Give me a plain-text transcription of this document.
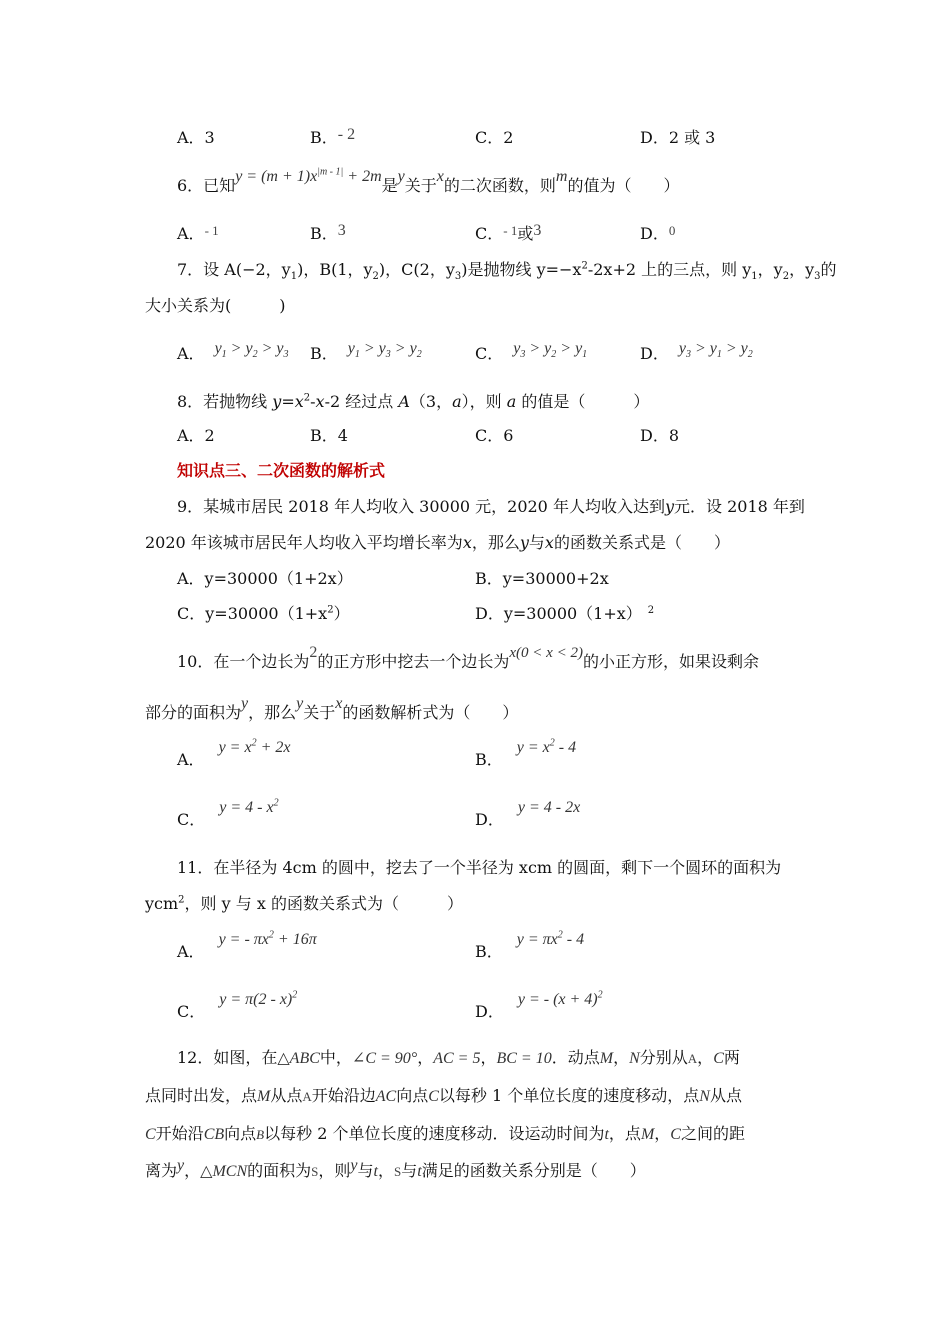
A．3	B．- 2	C．2	D．2 或 3
6．已知$y = (m + 1)x^{|m - 1|} + 2m$是y关于x的二次函数，则m的值为（　　）
A．$^{- 1}$	B．3	C．$^{- 1}$或3	D．$^0$
7．设 A(−2，$y_1$)，B(1，$y_2$)，C(2，$y_3$)是抛物线 $y=-x^2-2x+2$ 上的三点，则 $y_1$，$y_2$，$y_3$的
大小关系为(　　　)
A． $y_1 > y_2 > y_3$ B． $y_1 > y_3 > y_2$	C． $y_3 > y_2 > y_1$	D． $y_3 > y_1 > y_2$
8．若抛物线 $y=x^2-x-2$ 经过点 A（3，a），则 a 的值是（　　　）
A．2	B．4	C．6	D．8
知识点三、二次函数的解析式
9．某城市居民 2018 年人均收入 30000 元，2020 年人均收入达到y元．设 2018 年到
2020 年该城市居民年人均收入平均增长率为x，那么y与x的函数关系式是（　　）
A．y=30000（1+2x）	B．y=30000+2x
C．$y=30000(1+x^2)$	D．y=30000（1+x） $^2$
10．在一个边长为2的正方形中挖去一个边长为x(0 < x < 2)的小正方形，如果设剩余
部分的面积为y，那么y关于x的函数解析式为（　　）
A．$y = x^2 + 2x$
B．$y = x^2 - 4$
C．$y = 4 - x^2$
D．y = 4 - 2x
11．在半径为 4cm 的圆中，挖去了一个半径为 xcm 的圆面，剩下一个圆环的面积为
ycm$^2$，则 y 与 x 的函数关系式为（　　　）
A．y = - $\pi x^2 + 16\pi$
B．$y = \pi x^2 - 4$
C．y = π(2 - x)$^2$
D．y = - $(x + 4)^2$
12．如图，在△ABC中，∠C = 90°，AC = 5，BC = 10．动点M，N分别从A，C两
点同时出发，点M从点A开始沿边AC向点C以每秒 1 个单位长度的速度移动，点N从点
C开始沿CB向点B以每秒 2 个单位长度的速度移动．设运动时间为t，点M，C之间的距
离为y，△MCN的面积为S，则y与t，S与t满足的函数关系分别是（　　）
